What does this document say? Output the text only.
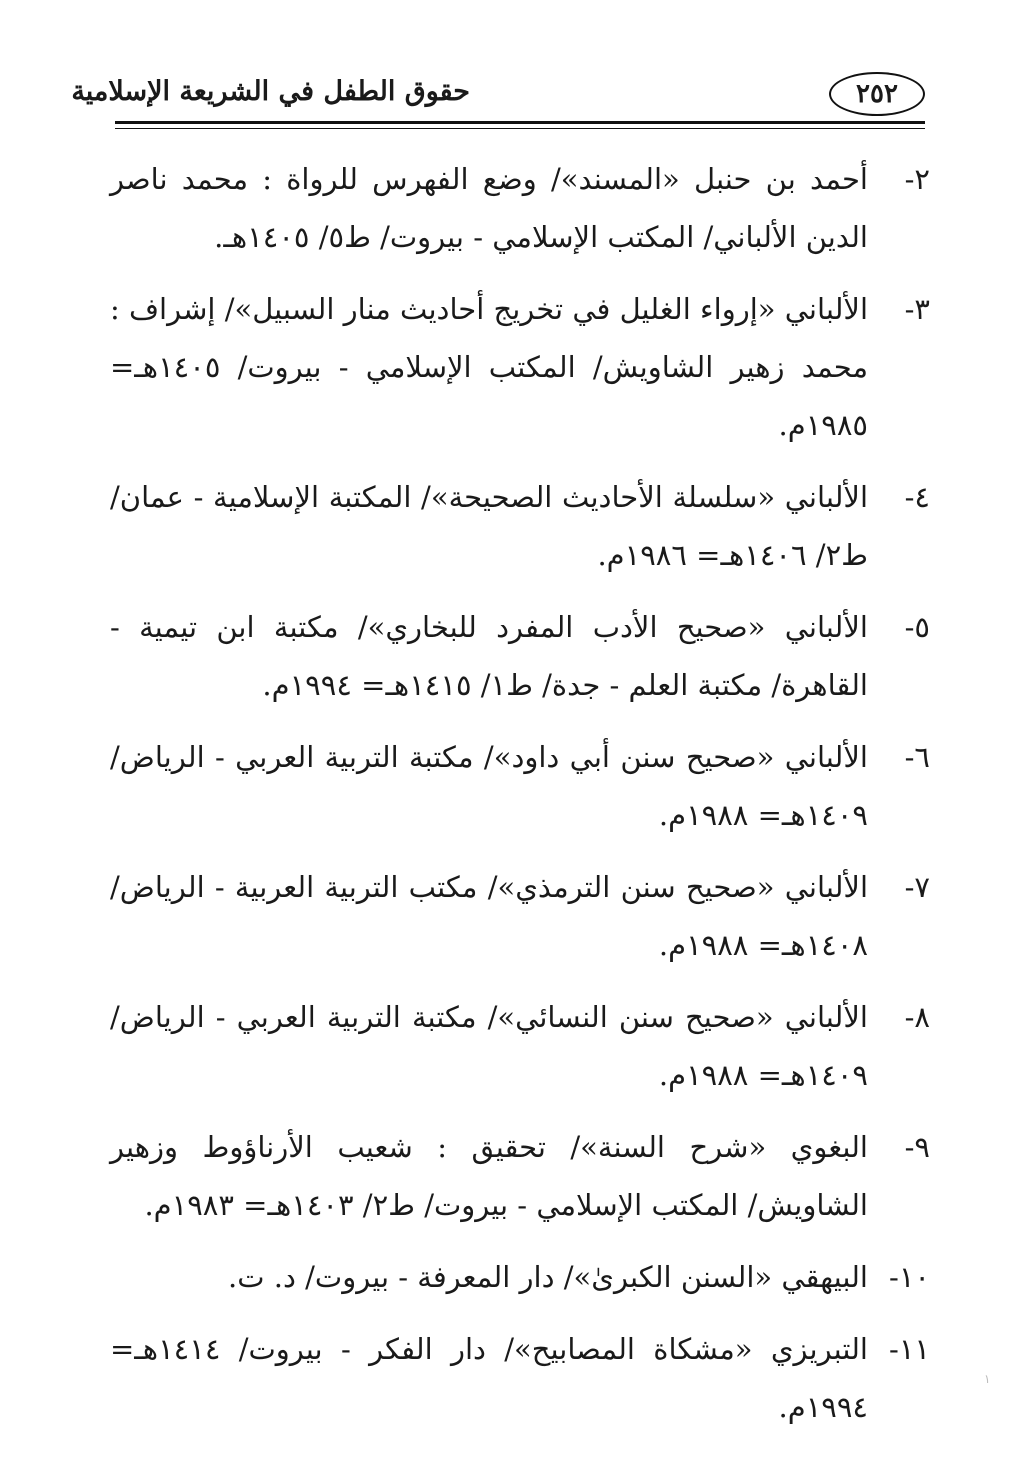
٢٥٢
حقوق الطفل في الشريعة الإسلامية
٢-
أحمد بن حنبل «المسند»/ وضع الفهرس للرواة : محمد ناصر الدين الألباني/ المكتب الإسلامي - بيروت/ ط٥/ ١٤٠٥هـ.
٣-
الألباني «إرواء الغليل في تخريج أحاديث منار السبيل»/ إشراف : محمد زهير الشاويش/ المكتب الإسلامي - بيروت/ ١٤٠٥هـ= ١٩٨٥م.
٤-
الألباني «سلسلة الأحاديث الصحيحة»/ المكتبة الإسلامية - عمان/ ط٢/ ١٤٠٦هـ= ١٩٨٦م.
٥-
الألباني «صحيح الأدب المفرد للبخاري»/ مكتبة ابن تيمية - القاهرة/ مكتبة العلم - جدة/ ط١/ ١٤١٥هـ= ١٩٩٤م.
٦-
الألباني «صحيح سنن أبي داود»/ مكتبة التربية العربي - الرياض/ ١٤٠٩هـ= ١٩٨٨م.
٧-
الألباني «صحيح سنن الترمذي»/ مكتب التربية العربية - الرياض/ ١٤٠٨هـ= ١٩٨٨م.
٨-
الألباني «صحيح سنن النسائي»/ مكتبة التربية العربي - الرياض/ ١٤٠٩هـ= ١٩٨٨م.
٩-
البغوي «شرح السنة»/ تحقيق : شعيب الأرناؤوط وزهير الشاويش/ المكتب الإسلامي - بيروت/ ط٢/ ١٤٠٣هـ= ١٩٨٣م.
١٠-
البيهقي «السنن الكبرىٰ»/ دار المعرفة - بيروت/ د. ت.
١١-
التبريزي «مشكاة المصابيح»/ دار الفكر - بيروت/ ١٤١٤هـ= ١٩٩٤م.
١
